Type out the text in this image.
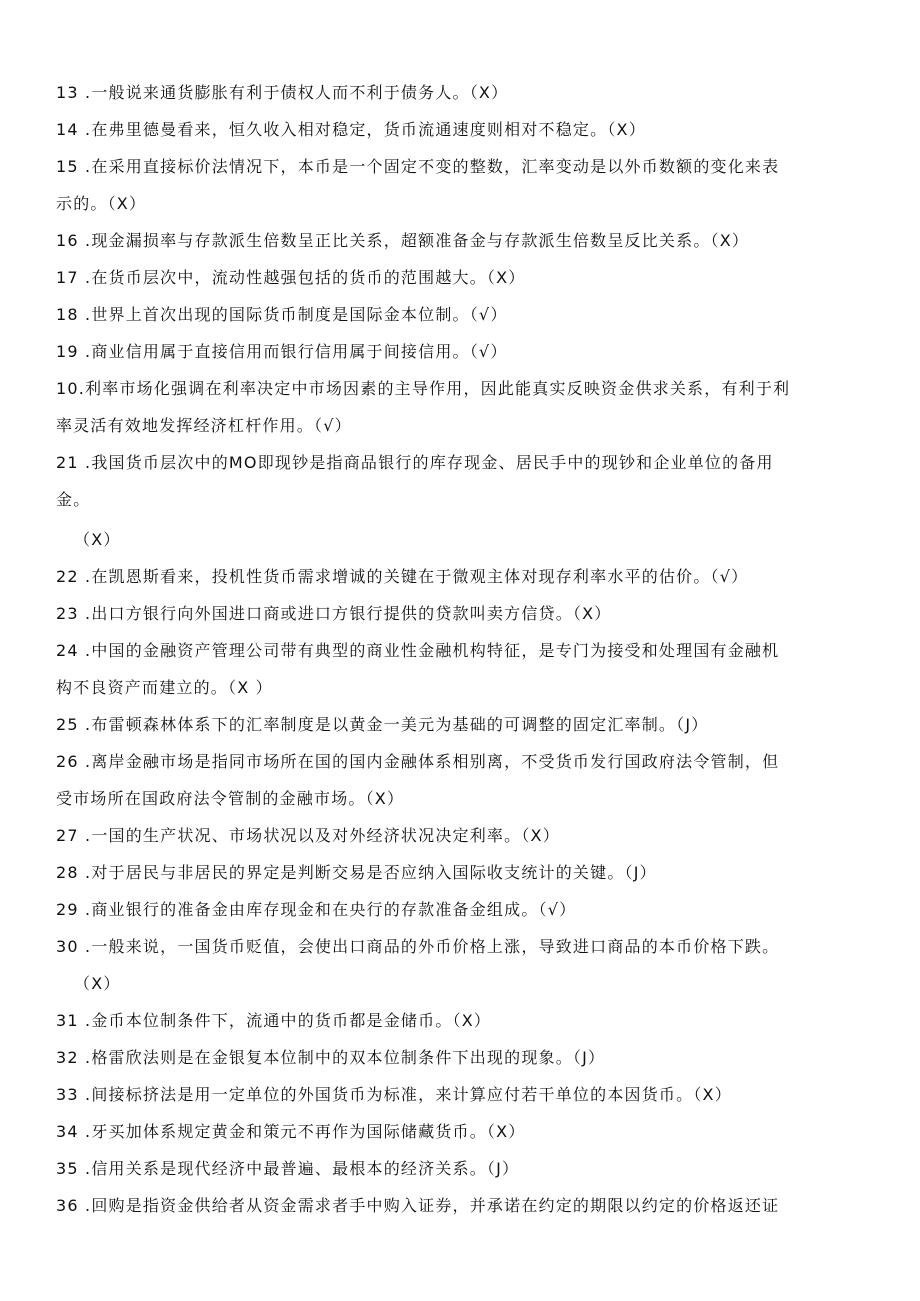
13 .一般说来通货膨胀有利于债权人而不利于债务人。（X）
14 .在弗里德曼看来，恒久收入相对稳定，货币流通速度则相对不稳定。（X）
15 .在采用直接标价法情况下，本币是一个固定不变的整数，汇率变动是以外币数额的变化来表
示的。（X）
16 .现金漏损率与存款派生倍数呈正比关系，超额准备金与存款派生倍数呈反比关系。（X）
17 .在货币层次中，流动性越强包括的货币的范围越大。（X）
18 .世界上首次出现的国际货币制度是国际金本位制。（√）
19 .商业信用属于直接信用而银行信用属于间接信用。（√）
10.利率市场化强调在利率决定中市场因素的主导作用，因此能真实反映资金供求关系，有利于利
率灵活有效地发挥经济杠杆作用。（√）
21 .我国货币层次中的MO即现钞是指商品银行的库存现金、居民手中的现钞和企业单位的备用
金。
（X）
22 .在凯恩斯看来，投机性货币需求增诚的关键在于微观主体对现存利率水平的估价。（√）
23 .出口方银行向外国进口商或进口方银行提供的贷款叫卖方信贷。（X）
24 .中国的金融资产管理公司带有典型的商业性金融机构特征，是专门为接受和处理国有金融机
构不良资产而建立的。（X ）
25 .布雷顿森林体系下的汇率制度是以黄金一美元为基础的可调整的固定汇率制。（J）
26 .离岸金融市场是指同市场所在国的国内金融体系相别离，不受货币发行国政府法令管制，但
受市场所在国政府法令管制的金融市场。（X）
27 .一国的生产状况、市场状况以及对外经济状况决定利率。（X）
28 .对于居民与非居民的界定是判断交易是否应纳入国际收支统计的关键。（J）
29 .商业银行的准备金由库存现金和在央行的存款准备金组成。（√）
30 .一般来说，一国货币贬值，会使出口商品的外币价格上涨，导致进口商品的本币价格下跌。
（X）
31 .金币本位制条件下，流通中的货币都是金储币。（X）
32 .格雷欣法则是在金银复本位制中的双本位制条件下出现的现象。（J）
33 .间接标挤法是用一定单位的外国货币为标准，来计算应付若干单位的本因货币。（X）
34 .牙买加体系规定黄金和策元不再作为国际储藏货币。（X）
35 .信用关系是现代经济中最普遍、最根本的经济关系。（J）
36 .回购是指资金供给者从资金需求者手中购入证券，并承诺在约定的期限以约定的价格返还证
